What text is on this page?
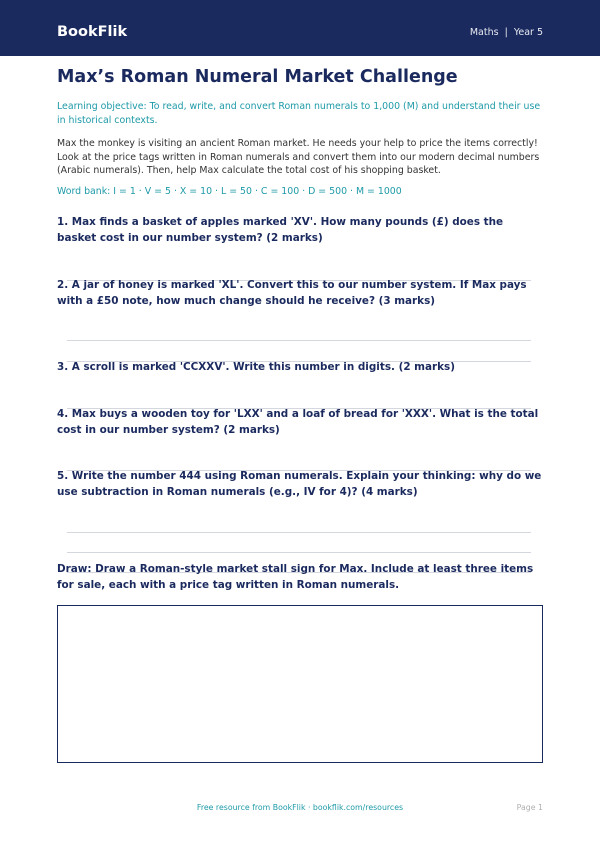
BookFlik	Maths  |  Year 5
Max’s Roman Numeral Market Challenge
Learning objective: To read, write, and convert Roman numerals to 1,000 (M) and understand their use in historical contexts.
Max the monkey is visiting an ancient Roman market. He needs your help to price the items correctly! Look at the price tags written in Roman numerals and convert them into our modern decimal numbers (Arabic numerals). Then, help Max calculate the total cost of his shopping basket.
Word bank: I = 1 · V = 5 · X = 10 · L = 50 · C = 100 · D = 500 · M = 1000
1. Max finds a basket of apples marked 'XV'. How many pounds (£) does the basket cost in our number system? (2 marks)
2. A jar of honey is marked 'XL'. Convert this to our number system. If Max pays with a £50 note, how much change should he receive? (3 marks)
3. A scroll is marked 'CCXXV'. Write this number in digits. (2 marks)
4. Max buys a wooden toy for 'LXX' and a loaf of bread for 'XXX'. What is the total cost in our number system? (2 marks)
5. Write the number 444 using Roman numerals. Explain your thinking: why do we use subtraction in Roman numerals (e.g., IV for 4)? (4 marks)
Draw: Draw a Roman-style market stall sign for Max. Include at least three items for sale, each with a price tag written in Roman numerals.
Free resource from BookFlik · bookflik.com/resources	Page 1
